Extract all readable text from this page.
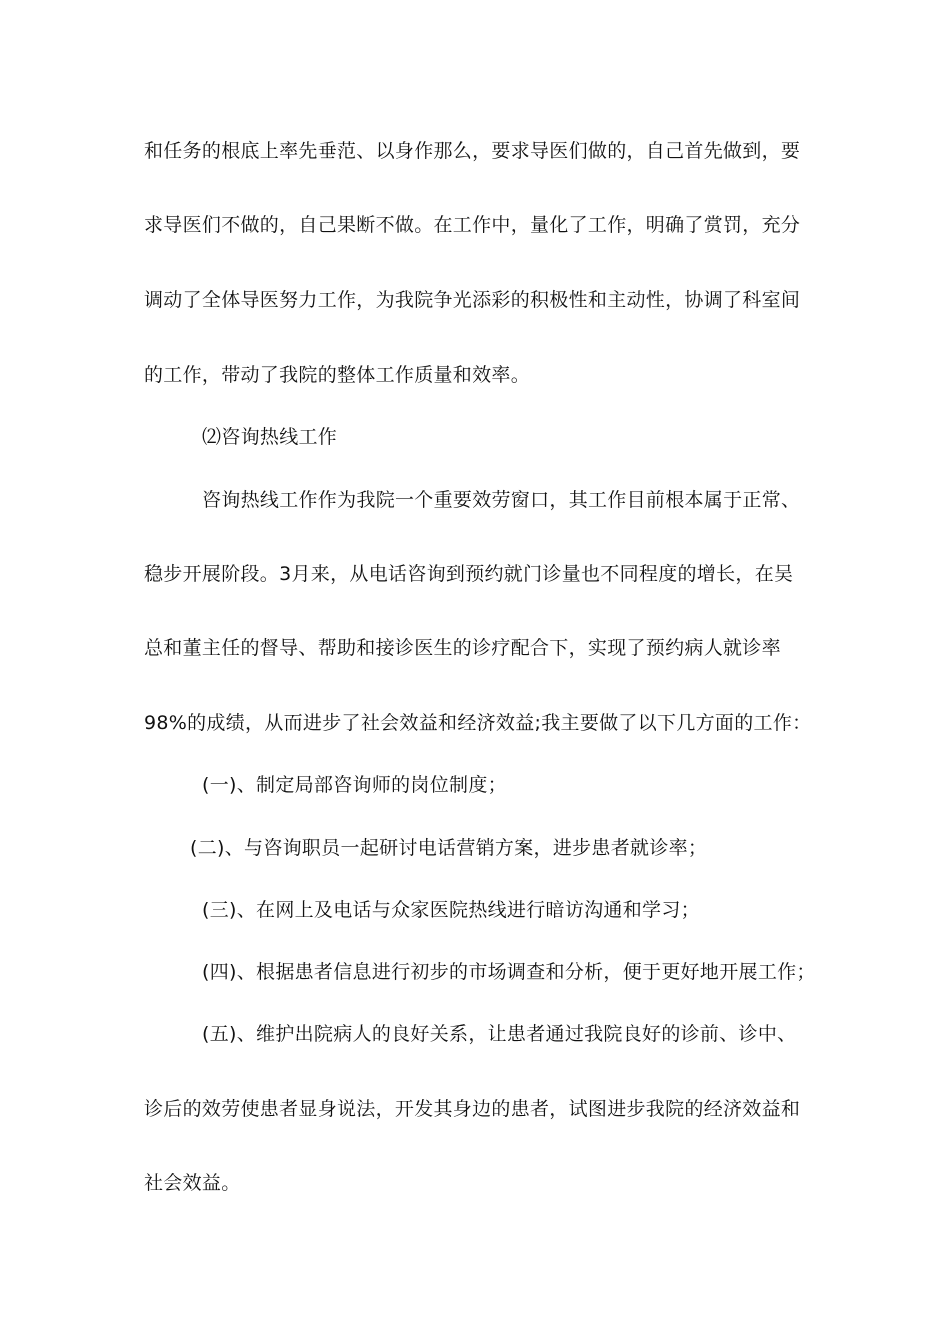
和任务的根底上率先垂范、以身作那么，要求导医们做的，自己首先做到，要
求导医们不做的，自己果断不做。在工作中，量化了工作，明确了赏罚，充分
调动了全体导医努力工作，为我院争光添彩的积极性和主动性，协调了科室间
的工作，带动了我院的整体工作质量和效率。
⑵咨询热线工作
咨询热线工作作为我院一个重要效劳窗口，其工作目前根本属于正常、
稳步开展阶段。3月来，从电话咨询到预约就门诊量也不同程度的增长，在吴
总和董主任的督导、帮助和接诊医生的诊疗配合下，实现了预约病人就诊率
98%的成绩，从而进步了社会效益和经济效益;我主要做了以下几方面的工作：
(一)、制定局部咨询师的岗位制度；
(二)、与咨询职员一起研讨电话营销方案，进步患者就诊率；
(三)、在网上及电话与众家医院热线进行暗访沟通和学习；
(四)、根据患者信息进行初步的市场调查和分析，便于更好地开展工作；
(五)、维护出院病人的良好关系，让患者通过我院良好的诊前、诊中、
诊后的效劳使患者显身说法，开发其身边的患者，试图进步我院的经济效益和
社会效益。
